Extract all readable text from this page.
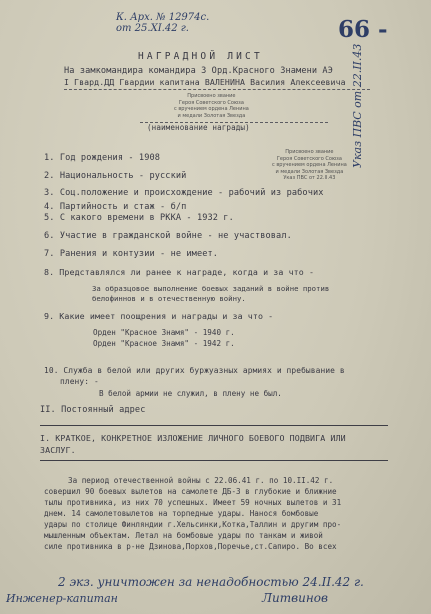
К. Арх. № 12974с. от 25.XI.42 г.	66 -
НАГРАДНОЙ ЛИСТ
На замкомандира командира 3 Орд.Красного Знамени АЭ
I Гвард.ДД Гвардии капитана ВАЛЕНИНА Василия Алексеевича
Присвоено звание
Героя Советского Союза
с вручением ордена Ленина
и медали Золотая Звезда
(наименование награды)
Присвоено звание
Героя Советского Союза
с вручением ордена Ленина
и медали Золотая Звезда
Указ ПВС от 22.II.43
Указ ПВС от 22.II.43
1. Год рождения - 1908
2. Национальность - русский
3. Соц.положение и происхождение - рабочий из рабочих
4. Партийность и стаж - б/п
5. С какого времени в РККА - 1932 г.
6. Участие в гражданской войне - не участвовал.
7. Ранения и контузии - не имеет.
8. Представлялся ли ранее к награде, когда и за что -
За образцовое выполнение боевых заданий в войне против
белофиннов и в отечественную войну.
9. Какие имеет поощрения и награды и за что -
Орден "Красное Знамя" - 1940 г.
Орден "Красное Знамя" - 1942 г.
10. Служба в белой или других буржуазных армиях и пребывание в
плену: -
В белой армии не служил, в плену не был.
II. Постоянный адрес
I. КРАТКОЕ, КОНКРЕТНОЕ ИЗЛОЖЕНИЕ ЛИЧНОГО БОЕВОГО ПОДВИГА ИЛИ
ЗАСЛУГ.
За период отечественной войны с 22.06.41 г. по 10.II.42 г.
совершил 90 боевых вылетов на самолете ДБ-3 в глубокие и ближние
тылы противника, из них 70 успешных. Имеет 59 ночных вылетов и 31
днем. 14 самолетовылетов на торпедные удары. Нанося бомбовые
удары по столице Финляндии г.Хельсинки,Котка,Таллин и другим про-
мышленным объектам. Летал на бомбовые удары по танкам и живой
силе противника в р-не Дзинова,Порхов,Поречье,ст.Сапиро. Во всех
2 экз. уничтожен за ненадобностью 24.II.42 г.
Инженер-капитан	Литвинов
